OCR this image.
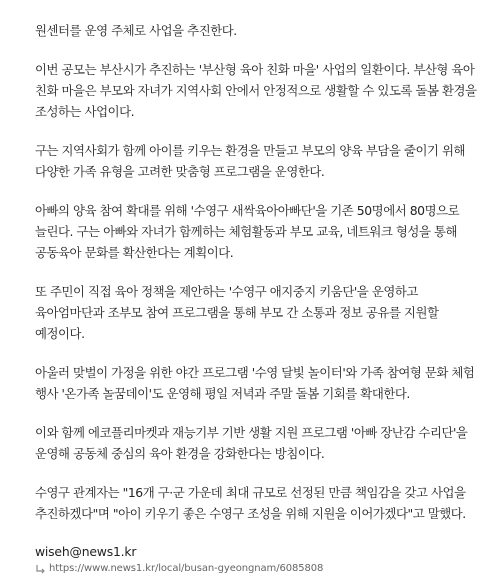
원센터를 운영 주체로 사업을 추진한다.

이번 공모는 부산시가 추진하는 '부산형 육아 친화 마을' 사업의 일환이다. 부산형 육아 친화 마을은 부모와 자녀가 지역사회 안에서 안정적으로 생활할 수 있도록 돌봄 환경을 조성하는 사업이다.

구는 지역사회가 함께 아이를 키우는 환경을 만들고 부모의 양육 부담을 줄이기 위해 다양한 가족 유형을 고려한 맞춤형 프로그램을 운영한다.

아빠의 양육 참여 확대를 위해 '수영구 새싹육아아빠단'을 기존 50명에서 80명으로 늘린다. 구는 아빠와 자녀가 함께하는 체험활동과 부모 교육, 네트워크 형성을 통해 공동육아 문화를 확산한다는 계획이다.

또 주민이 직접 육아 정책을 제안하는 '수영구 애지중지 키움단'을 운영하고 육아엄마단과 조부모 참여 프로그램을 통해 부모 간 소통과 정보 공유를 지원할 예정이다.

아울러 맞벌이 가정을 위한 야간 프로그램 '수영 달빛 놀이터'와 가족 참여형 문화 체험 행사 '온가족 놀꿈데이'도 운영해 평일 저녁과 주말 돌봄 기회를 확대한다.

이와 함께 에코플리마켓과 재능기부 기반 생활 지원 프로그램 '아빠 장난감 수리단'을 운영해 공동체 중심의 육아 환경을 강화한다는 방침이다.

수영구 관계자는 "16개 구·군 가운데 최대 규모로 선정된 만큼 책임감을 갖고 사업을 추진하겠다"며 "아이 키우기 좋은 수영구 조성을 위해 지원을 이어가겠다"고 말했다.

wiseh@news1.kr

https://www.news1.kr/local/busan-gyeongnam/6085808
